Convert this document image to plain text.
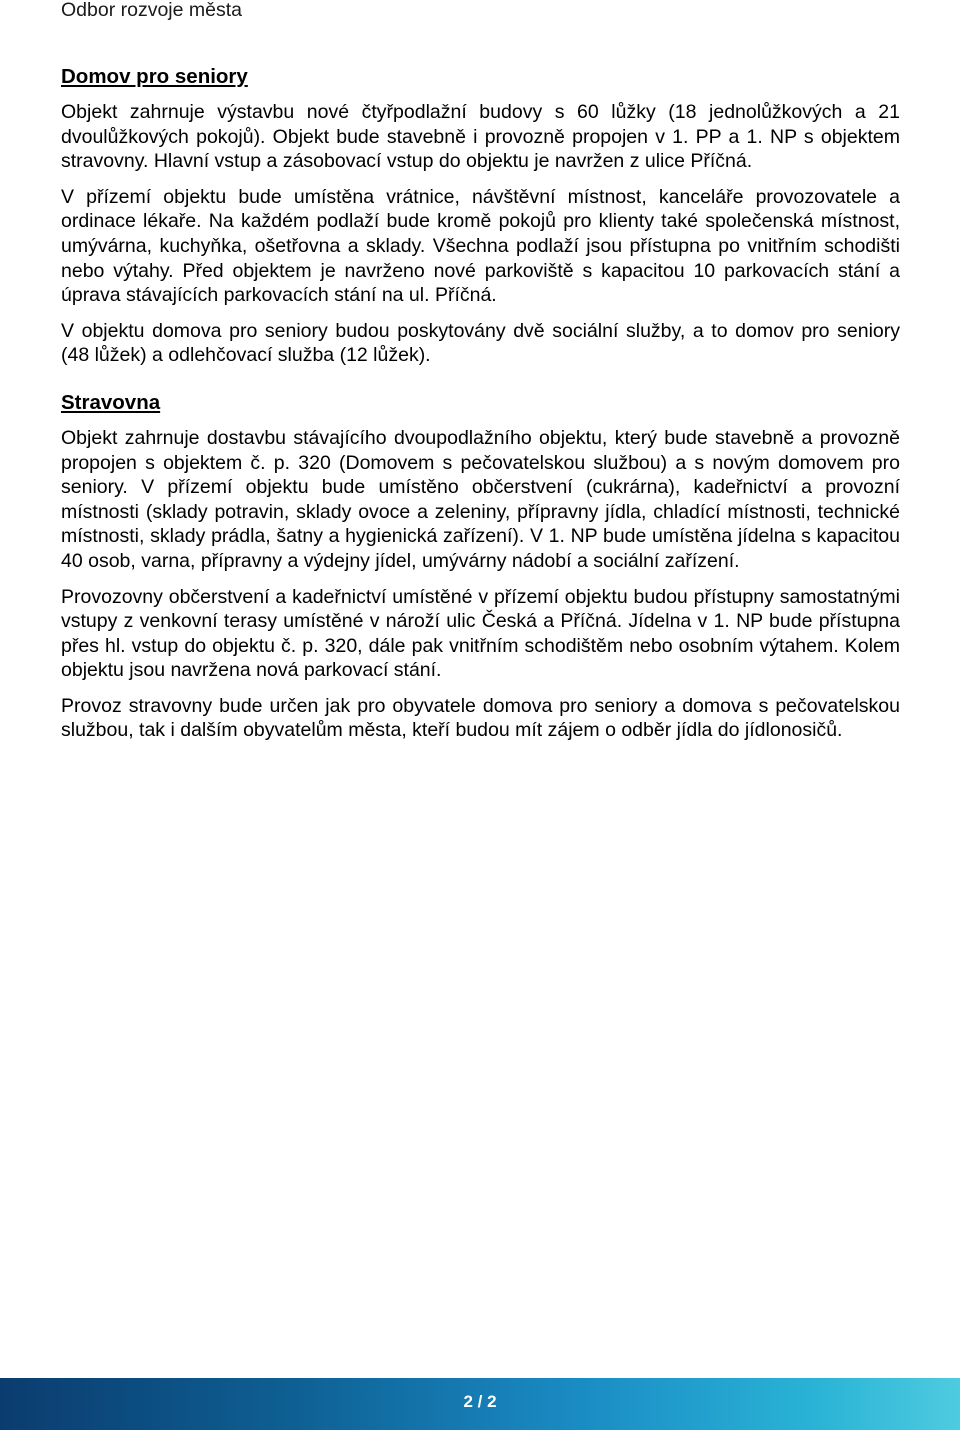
Odbor rozvoje města
Domov pro seniory

Objekt zahrnuje výstavbu nové čtyřpodlažní budovy s 60 lůžky (18 jednolůžkových a 21 dvoulůžkových pokojů). Objekt bude stavebně i provozně propojen v 1. PP a 1. NP s objektem stravovny. Hlavní vstup a zásobovací vstup do objektu je navržen z ulice Příčná.

V přízemí objektu bude umístěna vrátnice, návštěvní místnost, kanceláře provozovatele a ordinace lékaře. Na každém podlaží bude kromě pokojů pro klienty také společenská místnost, umývárna, kuchyňka, ošetřovna a sklady. Všechna podlaží jsou přístupna po vnitřním schodišti nebo výtahy. Před objektem je navrženo nové parkoviště s kapacitou 10 parkovacích stání a úprava stávajících parkovacích stání na ul. Příčná.

V objektu domova pro seniory budou poskytovány dvě sociální služby, a to domov pro seniory (48 lůžek) a odlehčovací služba (12 lůžek).

Stravovna

Objekt zahrnuje dostavbu stávajícího dvoupodlažního objektu, který bude stavebně a provozně propojen s objektem č. p. 320 (Domovem s pečovatelskou službou) a s novým domovem pro seniory. V přízemí objektu bude umístěno občerstvení (cukrárna), kadeřnictví a provozní místnosti (sklady potravin, sklady ovoce a zeleniny, přípravny jídla, chladící místnosti, technické místnosti, sklady prádla, šatny a hygienická zařízení). V 1. NP bude umístěna jídelna s kapacitou 40 osob, varna, přípravny a výdejny jídel, umývárny nádobí a sociální zařízení.

Provozovny občerstvení a kadeřnictví umístěné v přízemí objektu budou přístupny samostatnými vstupy z venkovní terasy umístěné v nároží ulic Česká a Příčná. Jídelna v 1. NP bude přístupna přes hl. vstup do objektu č. p. 320, dále pak vnitřním schodištěm nebo osobním výtahem. Kolem objektu jsou navržena nová parkovací stání.

Provoz stravovny bude určen jak pro obyvatele domova pro seniory a domova s pečovatelskou službou, tak i dalším obyvatelům města, kteří budou mít zájem o odběr jídla do jídlonosičů.

2 / 2
